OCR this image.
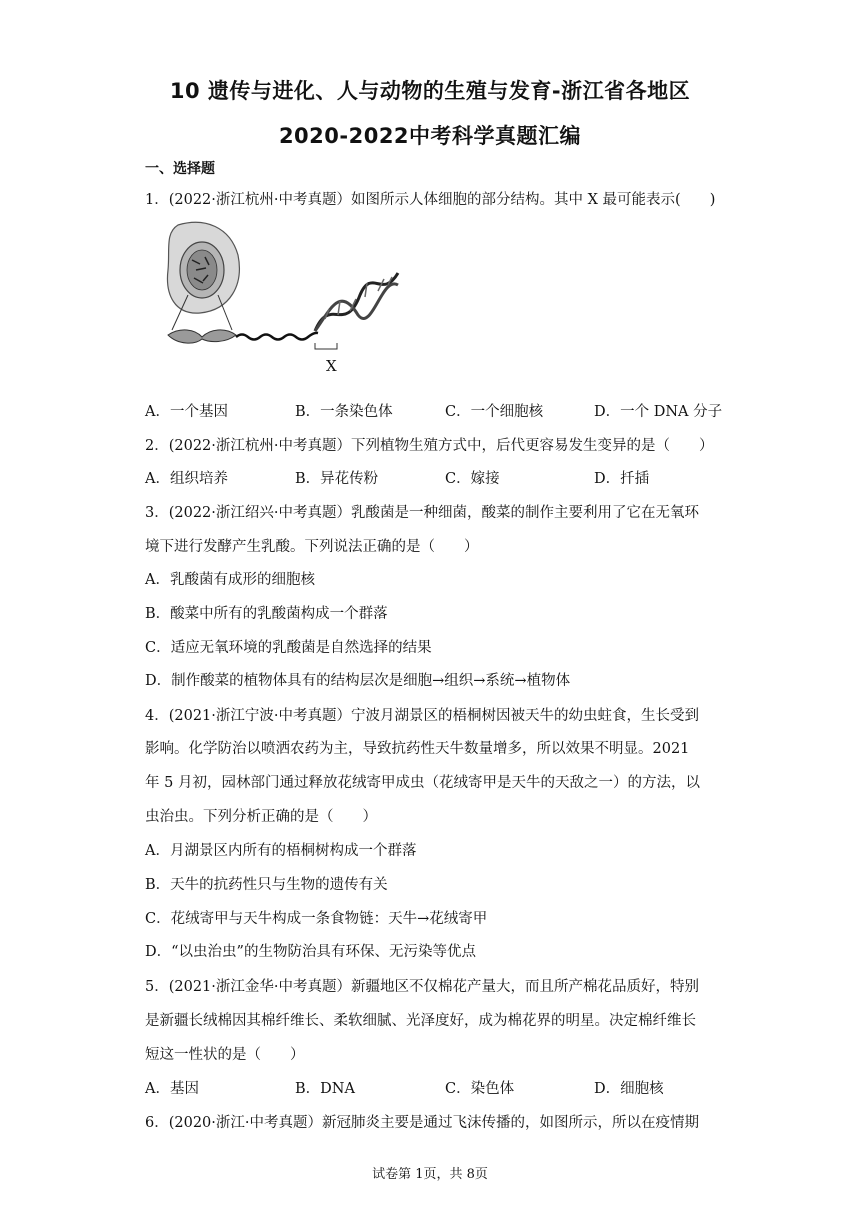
10 遗传与进化、人与动物的生殖与发育-浙江省各地区
2020-2022中考科学真题汇编
一、选择题
1．(2022·浙江杭州·中考真题）如图所示人体细胞的部分结构。其中 X 最可能表示(　　)
X
A．一个基因	B．一条染色体	C．一个细胞核	D．一个 DNA 分子
2．(2022·浙江杭州·中考真题）下列植物生殖方式中，后代更容易发生变异的是（　　）
A．组织培养	B．异花传粉	C．嫁接	D．扦插
3．(2022·浙江绍兴·中考真题）乳酸菌是一种细菌，酸菜的制作主要利用了它在无氧环
境下进行发酵产生乳酸。下列说法正确的是（　　）
A．乳酸菌有成形的细胞核
B．酸菜中所有的乳酸菌构成一个群落
C．适应无氧环境的乳酸菌是自然选择的结果
D．制作酸菜的植物体具有的结构层次是细胞→组织→系统→植物体
4．(2021·浙江宁波·中考真题）宁波月湖景区的梧桐树因被天牛的幼虫蛀食，生长受到
影响。化学防治以喷洒农药为主，导致抗药性天牛数量增多，所以效果不明显。2021
年 5 月初，园林部门通过释放花绒寄甲成虫（花绒寄甲是天牛的天敌之一）的方法，以
虫治虫。下列分析正确的是（　　）
A．月湖景区内所有的梧桐树构成一个群落
B．天牛的抗药性只与生物的遗传有关
C．花绒寄甲与天牛构成一条食物链：天牛→花绒寄甲
D．“以虫治虫”的生物防治具有环保、无污染等优点
5．(2021·浙江金华·中考真题）新疆地区不仅棉花产量大，而且所产棉花品质好，特别
是新疆长绒棉因其棉纤维长、柔软细腻、光泽度好，成为棉花界的明星。决定棉纤维长
短这一性状的是（　　）
A．基因	B．DNA	C．染色体	D．细胞核
6．(2020·浙江·中考真题）新冠肺炎主要是通过飞沫传播的，如图所示，所以在疫情期
试卷第 1页，共 8页
